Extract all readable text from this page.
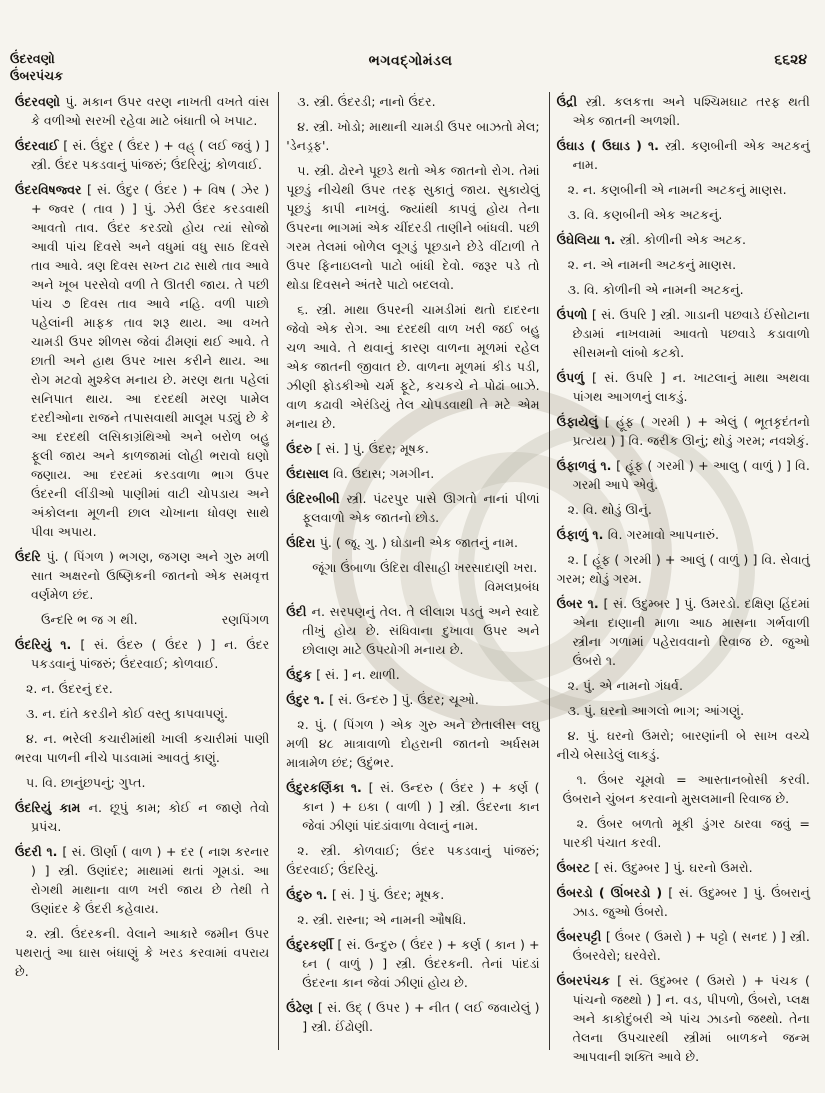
ઉંદરવણો
ઉંબરપંચક
ભગવદ્ગોમંડલ	૬૬૨૪

ઉંદરવણો પું. મકાન ઉપર વરણ નાખતી વખતે વાંસ કે વળીઓ સરખી રહેવા માટે બંધાતી બે ખપાટ.

ઉંદરવાઈ [ સં. ઉંદુર ( ઉંદર ) + વહ્ ( લઈ જવું ) ] સ્ત્રી. ઉંદર પકડવાનું પાંજરું; ઉંદરિયું; કોળવાઈ.

ઉંદરવિષજ્વર [ સં. ઉંદુર ( ઉંદર ) + વિષ ( ઝેર ) + જ્વર ( તાવ ) ] પું. ઝેરી ઉંદર કરડવાથી આવતો તાવ. ઉંદર કરડ્યો હોય ત્યાં સોજો આવી પાંચ દિવસે અને વધુમાં વધુ સાઠ દિવસે તાવ આવે. ત્રણ દિવસ સખ્ત ટાઢ સાથે તાવ આવે અને ખૂબ પરસેવો વળી તે ઊતરી જાય. તે પછી પાંચ ૭ દિવસ તાવ આવે નહિ. વળી પાછો પહેલાંની માફક તાવ શરૂ થાય. આ વખતે ચામડી ઉપર શીળસ જેવાં ઢીમણાં થઈ આવે. તે છાતી અને હાથ ઉપર ખાસ કરીને થાય. આ રોગ મટવો મુશ્કેલ મનાય છે. મરણ થતા પહેલાં સનિપાત થાય. આ દરદથી મરણ પામેલ દરદીઓના રાજને તપાસવાથી માલૂમ પડ્યું છે કે આ દરદથી લસિકાગ્રંથિઓ અને બરોળ બહુ ફૂલી જાય અને કાળજામાં લોહી ભરાવો ઘણો જણાય. આ દરદમાં કરડવાળા ભાગ ઉપર ઉંદરની લીંડીઓ પાણીમાં વાટી ચોપડાય અને અંકોલના મૂળની છાલ ચોખાના ધોવણ સાથે પીવા અપાય.

ઉંદરિ પું. ( પિંગળ ) ભગણ, જગણ અને ગુરુ મળી સાત અક્ષરનો ઉષ્ણિકની જાતનો એક સમવૃત્ત વર્ણમેળ છંદ.

ઉન્દરિ ભ જ ગ થી.	રણપિંગળ

ઉંદરિયું ૧. [ સં. ઉંદરુ ( ઉંદર ) ] ન. ઉંદર પકડવાનું પાંજરું; ઉંદરવાઈ; કોળવાઈ.

૨. ન. ઉંદરનું દર.

૩. ન. દાંતે કરડીને કોઈ વસ્તુ કાપવાપણું.

૪. ન. ભરેલી કચારીમાંથી ખાલી કચારીમાં પાણી ભરવા પાળની નીચે પાડવામાં આવતું કાણું.

૫. વિ. છાનુંછપનું; ગુપ્ત.

ઉંદરિયું કામ ન. છૂપું કામ; કોઈ ન જાણે તેવો પ્રપંચ.

ઉંદરી ૧. [ સં. ઊર્ણા ( વાળ ) + દર ( નાશ કરનાર ) ] સ્ત્રી. ઉણાંદર; માથામાં થતાં ગૂમડાં. આ રોગથી માથાના વાળ ખરી જાય છે તેથી તે ઉણાંદર કે ઉંદરી કહેવાય.

૨. સ્ત્રી. ઉંદરકની. વેલાને આકારે જમીન ઉપર પથરાતું આ ઘાસ બંધાણું કે ખરડ કરવામાં વપરાય છે.

૩. સ્ત્રી. ઉંદરડી; નાનો ઉંદર.

૪. સ્ત્રી. ખોડો; માથાની ચામડી ઉપર બાઝતો મેલ; 'ડેનડ્રફ'.

૫. સ્ત્રી. ઢોરને પૂછડે થતો એક જાતનો રોગ. તેમાં પૂછડું નીચેથી ઉપર તરફ સુકાતું જાય. સુકાયેલું પૂછડું કાપી નાખવું. જ્યાંથી કાપવું હોય તેના ઉપરના ભાગમાં એક ચીંદરડી તાણીને બાંધવી. પછી ગરમ તેલમાં બોળેલ લૂગડું પૂછડાને છેડે વીંટાળી તે ઉપર ફિનાઇલનો પાટો બાંધી દેવો. જરૂર પડે તો થોડા દિવસને અંતરે પાટો બદલવો.

૬. સ્ત્રી. માથા ઉપરની ચામડીમાં થતો દાદરના જેવો એક રોગ. આ દરદથી વાળ ખરી જઈ બહુ ચળ આવે. તે થવાનું કારણ વાળના મૂળમાં રહેલ એક જાતની જીવાત છે. વાળના મૂળમાં કીડ પડી, ઝીણી ફોડકીઓ ચર્મ ફૂટે, કચકચે ને પોઢાં બાઝે. વાળ કઢાવી એરંડિયું તેલ ચોપડવાથી તે મટે એમ મનાય છે.

ઉંદરુ [ સં. ] પું. ઉંદર; મૂષક.

ઉંદાસાલ વિ. ઉદાસ; ગમગીન.

ઉંદિરબીબી સ્ત્રી. પંઢરપુર પાસે ઊગતો નાનાં પીળાં ફૂલવાળો એક જાતનો છોડ.

ઉંદિરા પું. ( જૂ. ગુ. ) ઘોડાની એક જાતનું નામ.

જૂંગા ઉંબાળા ઉંદિરા વીસાહી ખરસાદાણી ખરા.
વિમલપ્રબંધ

ઉંદી ન. સરપણનું તેલ. તે લીલાશ પડતું અને સ્વાદે તીખું હોય છે. સંધિવાના દુખાવા ઉપર અને છોલાણ માટે ઉપયોગી મનાય છે.

ઉંદુક [ સં. ] ન. થાળી.

ઉંદુર ૧. [ સં. ઉન્દરુ ] પું. ઉંદર; ચૂઓ.

૨. પું. ( પિંગળ ) એક ગુરુ અને છેતાલીસ લઘુ મળી ૪૮ માત્રાવાળો દોહરાની જાતનો અર્ધસમ માત્રામેળ છંદ; ઉદુંભર.

ઉંદુરકર્ણિકા ૧. [ સં. ઉન્દરુ ( ઉંદર ) + કર્ણ ( કાન ) + ઇકા ( વાળી ) ] સ્ત્રી. ઉંદરના કાન જેવાં ઝીણાં પાંદડાંવાળા વેલાનું નામ.

૨. સ્ત્રી. કોળવાઈ; ઉંદર પકડવાનું પાંજરું; ઉંદરવાઈ; ઉંદરિયું.

ઉંદુરુ ૧. [ સં. ] પું. ઉંદર; મૂષક.

૨. સ્ત્રી. રાસ્ના; એ નામની ઔષધિ.

ઉંદુરકર્ણી [ સં. ઉન્દુરુ ( ઉંદર ) + કર્ણ ( કાન ) + ઘ્ન ( વાળું ) ] સ્ત્રી. ઉંદરકની. તેનાં પાંદડાં ઉંદરના કાન જેવાં ઝીણાં હોય છે.

ઉંઢેણ [ સં. ઉદ્ ( ઉપર ) + નીત ( લઈ જવાયેલું ) ] સ્ત્રી. ઈંઢોણી.

ઉંદ્રી સ્ત્રી. કલકત્તા અને પશ્ચિમઘાટ તરફ થતી એક જાતની અળશી.

ઉંઘાડ ( ઉઘાડ ) ૧. સ્ત્રી. કણબીની એક અટકનું નામ.

૨. ન. કણબીની એ નામની અટકનું માણસ.

૩. વિ. કણબીની એક અટકનું.

ઉંઘેલિયા ૧. સ્ત્રી. કોળીની એક અટક.

૨. ન. એ નામની અટકનું માણસ.

૩. વિ. કોળીની એ નામની અટકનું.

ઉંપળો [ સં. ઉપરિ ] સ્ત્રી. ગાડાની પછવાડે ઈંસોટાના છેડામાં નાખવામાં આવતો પછવાડે કડાવાળો સીસમનો લાંબો કટકો.

ઉંપળું [ સં. ઉપરિ ] ન. ખાટલાનું માથા અથવા પાંગથ આગળનું લાકડું.

ઉંફાયેલું [ હૂંફ ( ગરમી ) + એલું ( ભૂતકૃદંતનો પ્રત્યય ) ] વિ. જરીક ઊનું; થોડું ગરમ; નવશેકું.

ઉંફાળવું ૧. [ હૂંફ ( ગરમી ) + આલુ ( વાળું ) ] વિ. ગરમી આપે એવું.

૨. વિ. થોડું ઊનું.

ઉંફાળું ૧. વિ. ગરમાવો આપનારું.

૨. [ હૂંફ ( ગરમી ) + આલું ( વાળું ) ] વિ. સેવાતું ગરમ; થોડું ગરમ.

ઉંબર ૧. [ સં. ઉદુમ્બર ] પું. ઉમરડો. દક્ષિણ હિંદમાં એના દાણાની માળા આઠ માસના ગર્ભવાળી સ્ત્રીના ગળામાં પહેરાવવાનો રિવાજ છે. જુઓ ઉંબરો ૧.

૨. પું. એ નામનો ગંધર્વ.

૩. પું. ઘરનો આગલો ભાગ; આંગણું.

૪. પું. ઘરનો ઉમરો; બારણાંની બે સાખ વચ્ચે નીચે બેસાડેલું લાકડું.

૧. ઉંબર ચૂમવો = આસ્તાનબોસી કરવી. ઉંબરાને ચુંબન કરવાનો મુસલમાની રિવાજ છે.

૨. ઉંબર બળતો મૂકી ડુંગર ઠારવા જવું = પારકી પંચાત કરવી.

ઉંબરટ [ સં. ઉદુમ્બર ] પું. ઘરનો ઉમરો.

ઉંબરડો ( ઊંબરડો ) [ સં. ઉદુમ્બર ] પું. ઉંબરાનું ઝાડ. જુઓ ઉંબરો.

ઉંબરપટ્ટી [ ઉંબર ( ઉમરો ) + પટ્ટો ( સનદ ) ] સ્ત્રી. ઉંબરવેરો; ઘરવેરો.

ઉંબરપંચક [ સં. ઉદુમ્બર ( ઉમરો ) + પંચક ( પાંચનો જથ્થો ) ] ન. વડ, પીપળો, ઉંબરો, પ્લક્ષ અને કાકોદુંબરી એ પાંચ ઝાડનો જથ્થો. તેના તેલના ઉપચારથી સ્ત્રીમાં બાળકને જન્મ આપવાની શક્તિ આવે છે.
